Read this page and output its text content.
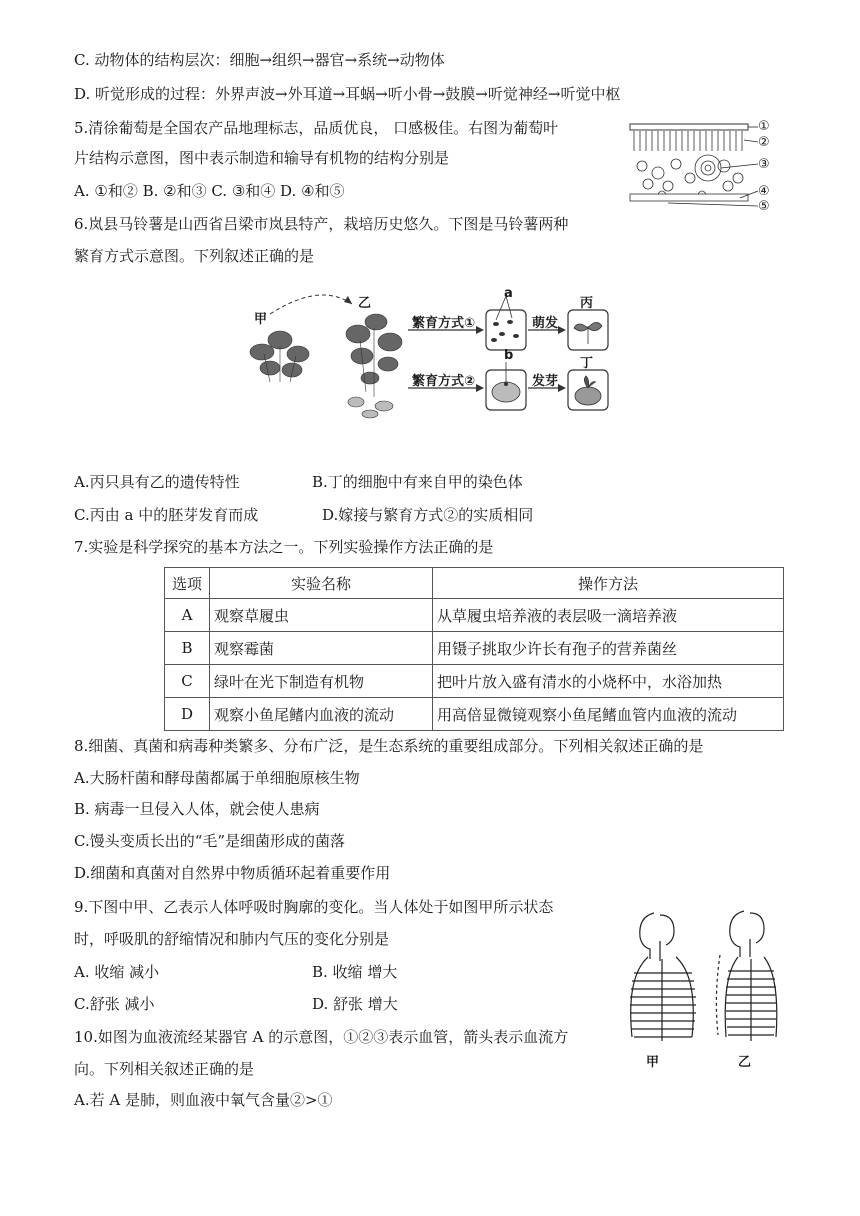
C. 动物体的结构层次：细胞→组织→器官→系统→动物体
D. 听觉形成的过程：外界声波→外耳道→耳蜗→听小骨→鼓膜→听觉神经→听觉中枢
5.清徐葡萄是全国农产品地理标志，品质优良， 口感极佳。右图为葡萄叶
片结构示意图，图中表示制造和输导有机物的结构分别是
A. ①和② B. ②和③ C. ③和④ D. ④和⑤
6.岚县马铃薯是山西省吕梁市岚县特产，栽培历史悠久。下图是马铃薯两种
繁育方式示意图。下列叙述正确的是
A.丙只具有乙的遗传特性	B.丁的细胞中有来自甲的染色体
C.丙由 a 中的胚芽发育而成	D.嫁接与繁育方式②的实质相同
7.实验是科学探究的基本方法之一。下列实验操作方法正确的是
选项	实验名称	操作方法
A	观察草履虫	从草履虫培养液的表层吸一滴培养液
B	观察霉菌	用镊子挑取少许长有孢子的营养菌丝
C	绿叶在光下制造有机物	把叶片放入盛有清水的小烧杯中，水浴加热
D	观察小鱼尾鳍内血液的流动	用高倍显微镜观察小鱼尾鳍血管内血液的流动
8.细菌、真菌和病毒种类繁多、分布广泛，是生态系统的重要组成部分。下列相关叙述正确的是
A.大肠杆菌和酵母菌都属于单细胞原核生物
B. 病毒一旦侵入人体，就会使人患病
C.馒头变质长出的“毛”是细菌形成的菌落
D.细菌和真菌对自然界中物质循环起着重要作用
9.下图中甲、乙表示人体呼吸时胸廓的变化。当人体处于如图甲所示状态
时，呼吸肌的舒缩情况和肺内气压的变化分别是
A. 收缩 减小	B. 收缩 增大
C.舒张 减小	D. 舒张 增大
10.如图为血液流经某器官 A 的示意图，①②③表示血管，箭头表示血流方
向。下列相关叙述正确的是
A.若 A 是肺，则血液中氧气含量②>①
①
②
③
④
⑤
甲
乙
繁育方式①
繁育方式②
a
b
萌发
发芽
丙
丁
甲	乙
